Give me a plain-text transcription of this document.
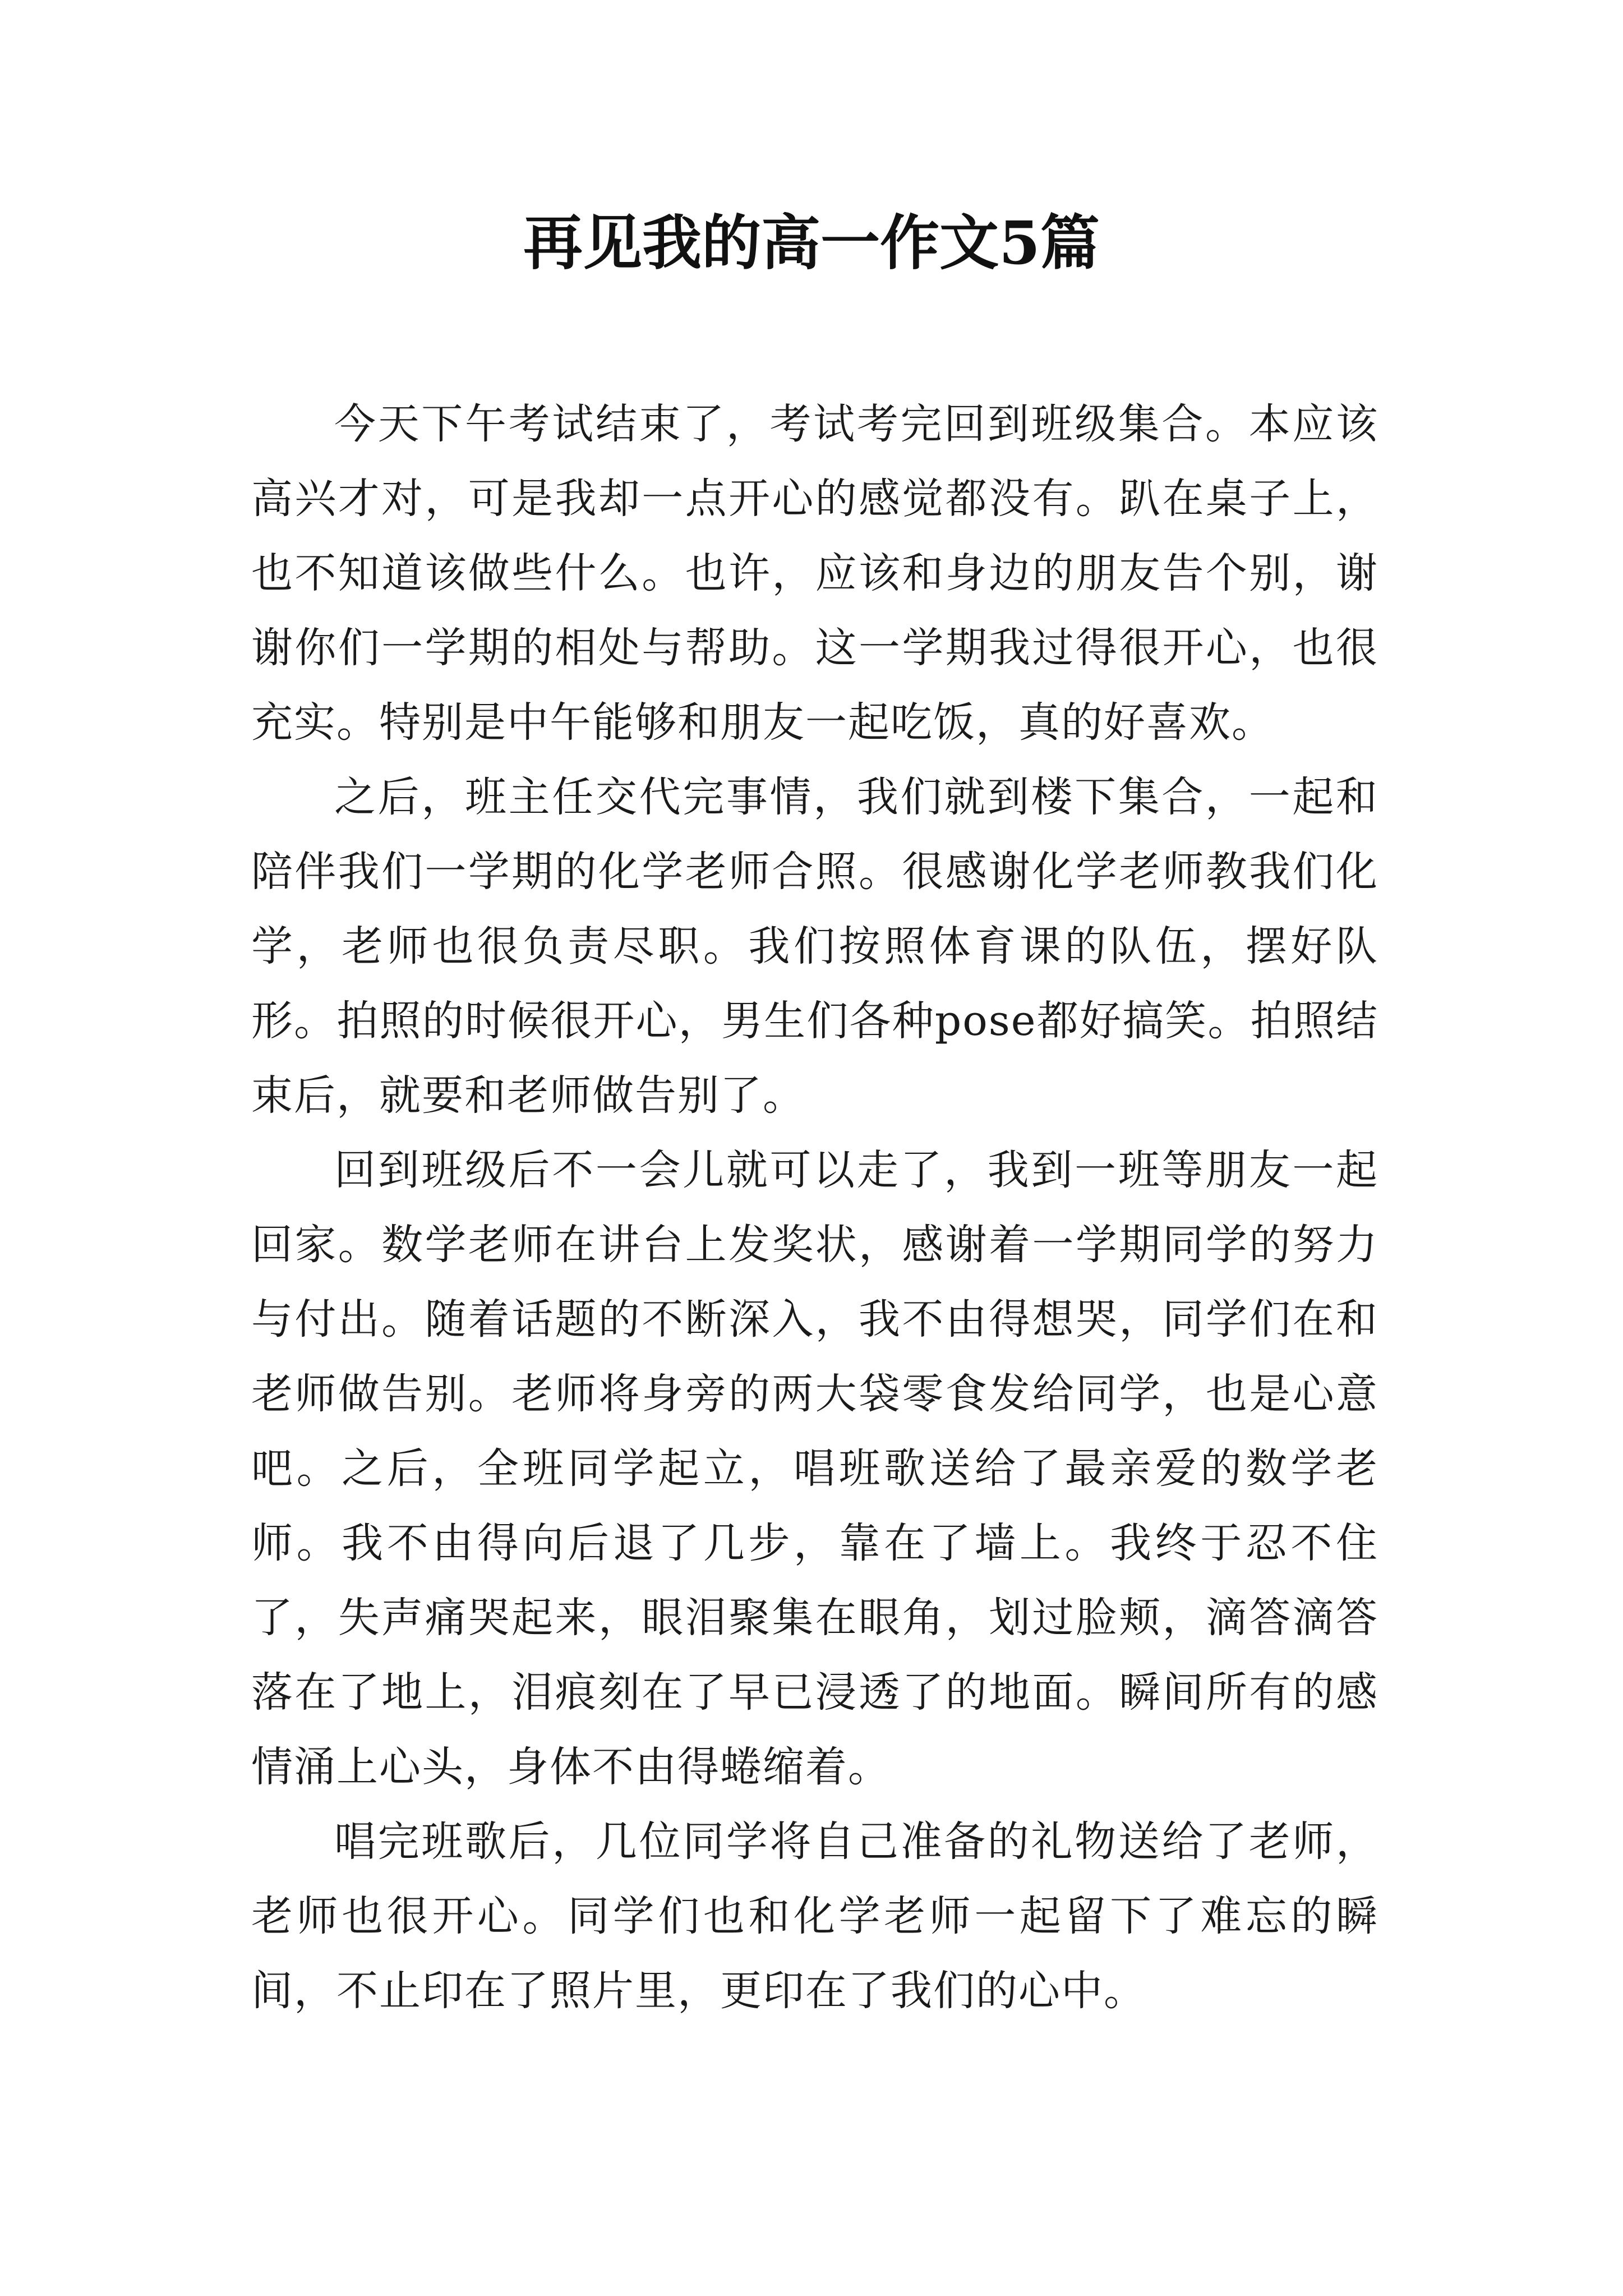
再见我的高一作文5篇

今天下午考试结束了，考试考完回到班级集合。本应该高兴才对，可是我却一点开心的感觉都没有。趴在桌子上，也不知道该做些什么。也许，应该和身边的朋友告个别，谢谢你们一学期的相处与帮助。这一学期我过得很开心，也很充实。特别是中午能够和朋友一起吃饭，真的好喜欢。

之后，班主任交代完事情，我们就到楼下集合，一起和陪伴我们一学期的化学老师合照。很感谢化学老师教我们化学，老师也很负责尽职。我们按照体育课的队伍，摆好队形。拍照的时候很开心，男生们各种pose都好搞笑。拍照结束后，就要和老师做告别了。

回到班级后不一会儿就可以走了，我到一班等朋友一起回家。数学老师在讲台上发奖状，感谢着一学期同学的努力与付出。随着话题的不断深入，我不由得想哭，同学们在和老师做告别。老师将身旁的两大袋零食发给同学，也是心意吧。之后，全班同学起立，唱班歌送给了最亲爱的数学老师。我不由得向后退了几步，靠在了墙上。我终于忍不住了，失声痛哭起来，眼泪聚集在眼角，划过脸颊，滴答滴答落在了地上，泪痕刻在了早已浸透了的地面。瞬间所有的感情涌上心头，身体不由得蜷缩着。

唱完班歌后，几位同学将自己准备的礼物送给了老师，老师也很开心。同学们也和化学老师一起留下了难忘的瞬间，不止印在了照片里，更印在了我们的心中。
